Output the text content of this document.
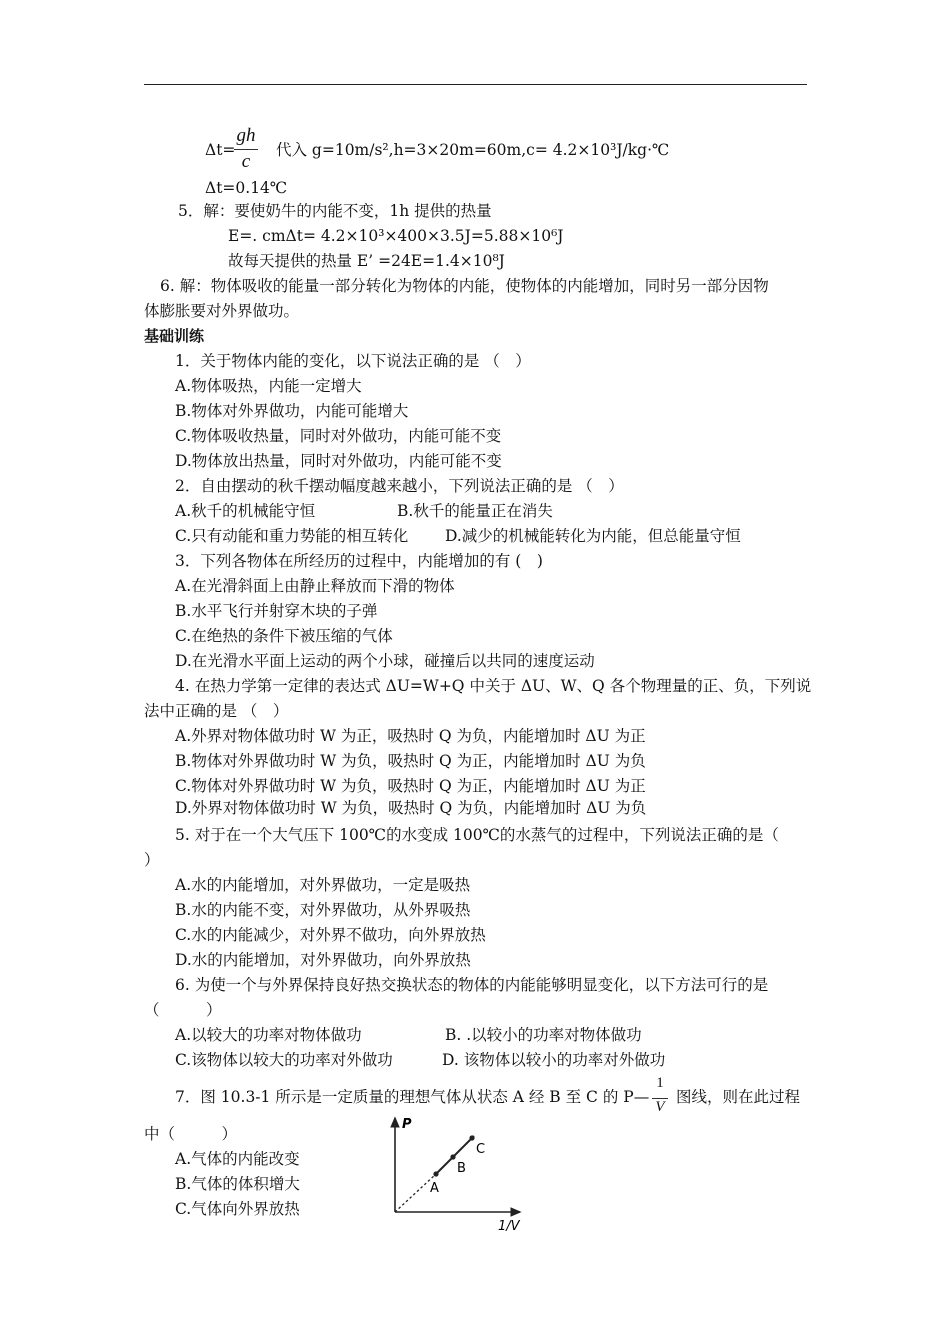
Δt=
gh
c
代入 g=10m/s²,h=3×20m=60m,c= 4.2×10³J/kg·℃
Δt=0.14℃
5．解：要使奶牛的内能不变，1h 提供的热量
E=. cmΔt= 4.2×10³×400×3.5J=5.88×10⁶J
故每天提供的热量 E’ =24E=1.4×10⁸J
6. 解：物体吸收的能量一部分转化为物体的内能，使物体的内能增加，同时另一部分因物
体膨胀要对外界做功。
基础训练
1．关于物体内能的变化，以下说法正确的是 （　）
A.物体吸热，内能一定增大
B.物体对外界做功，内能可能增大
C.物体吸收热量，同时对外做功，内能可能不变
D.物体放出热量，同时对外做功，内能可能不变
2．自由摆动的秋千摆动幅度越来越小，下列说法正确的是 （　）
A.秋千的机械能守恒	B.秋千的能量正在消失
C.只有动能和重力势能的相互转化 D.减少的机械能转化为内能，但总能量守恒
3．下列各物体在所经历的过程中，内能增加的有 (　)
A.在光滑斜面上由静止释放而下滑的物体
B.水平飞行并射穿木块的子弹
C.在绝热的条件下被压缩的气体
D.在光滑水平面上运动的两个小球，碰撞后以共同的速度运动
4. 在热力学第一定律的表达式 ΔU=W+Q 中关于 ΔU、W、Q 各个物理量的正、负，下列说
法中正确的是 （　）
A.外界对物体做功时 W 为正，吸热时 Q 为负，内能增加时 ΔU 为正
B.物体对外界做功时 W 为负，吸热时 Q 为正，内能增加时 ΔU 为负
C.物体对外界做功时 W 为负，吸热时 Q 为正，内能增加时 ΔU 为正
D.外界对物体做功时 W 为负，吸热时 Q 为负，内能增加时 ΔU 为负
5. 对于在一个大气压下 100℃的水变成 100℃的水蒸气的过程中，下列说法正确的是（
）
A.水的内能增加，对外界做功，一定是吸热
B.水的内能不变，对外界做功，从外界吸热
C.水的内能减少，对外界不做功，向外界放热
D.水的内能增加，对外界做功，向外界放热
6. 为使一个与外界保持良好热交换状态的物体的内能能够明显变化，以下方法可行的是
（　　　）
A.以较大的功率对物体做功	B. .以较小的功率对物体做功
C.该物体以较大的功率对外做功	D. 该物体以较小的功率对外做功
7．图 10.3-1 所示是一定质量的理想气体从状态 A 经 B 至 C 的 P—
1
V
图线，则在此过程
中（　　　）
A.气体的内能改变
B.气体的体积增大
C.气体向外界放热
P
1/V
A
B
C
